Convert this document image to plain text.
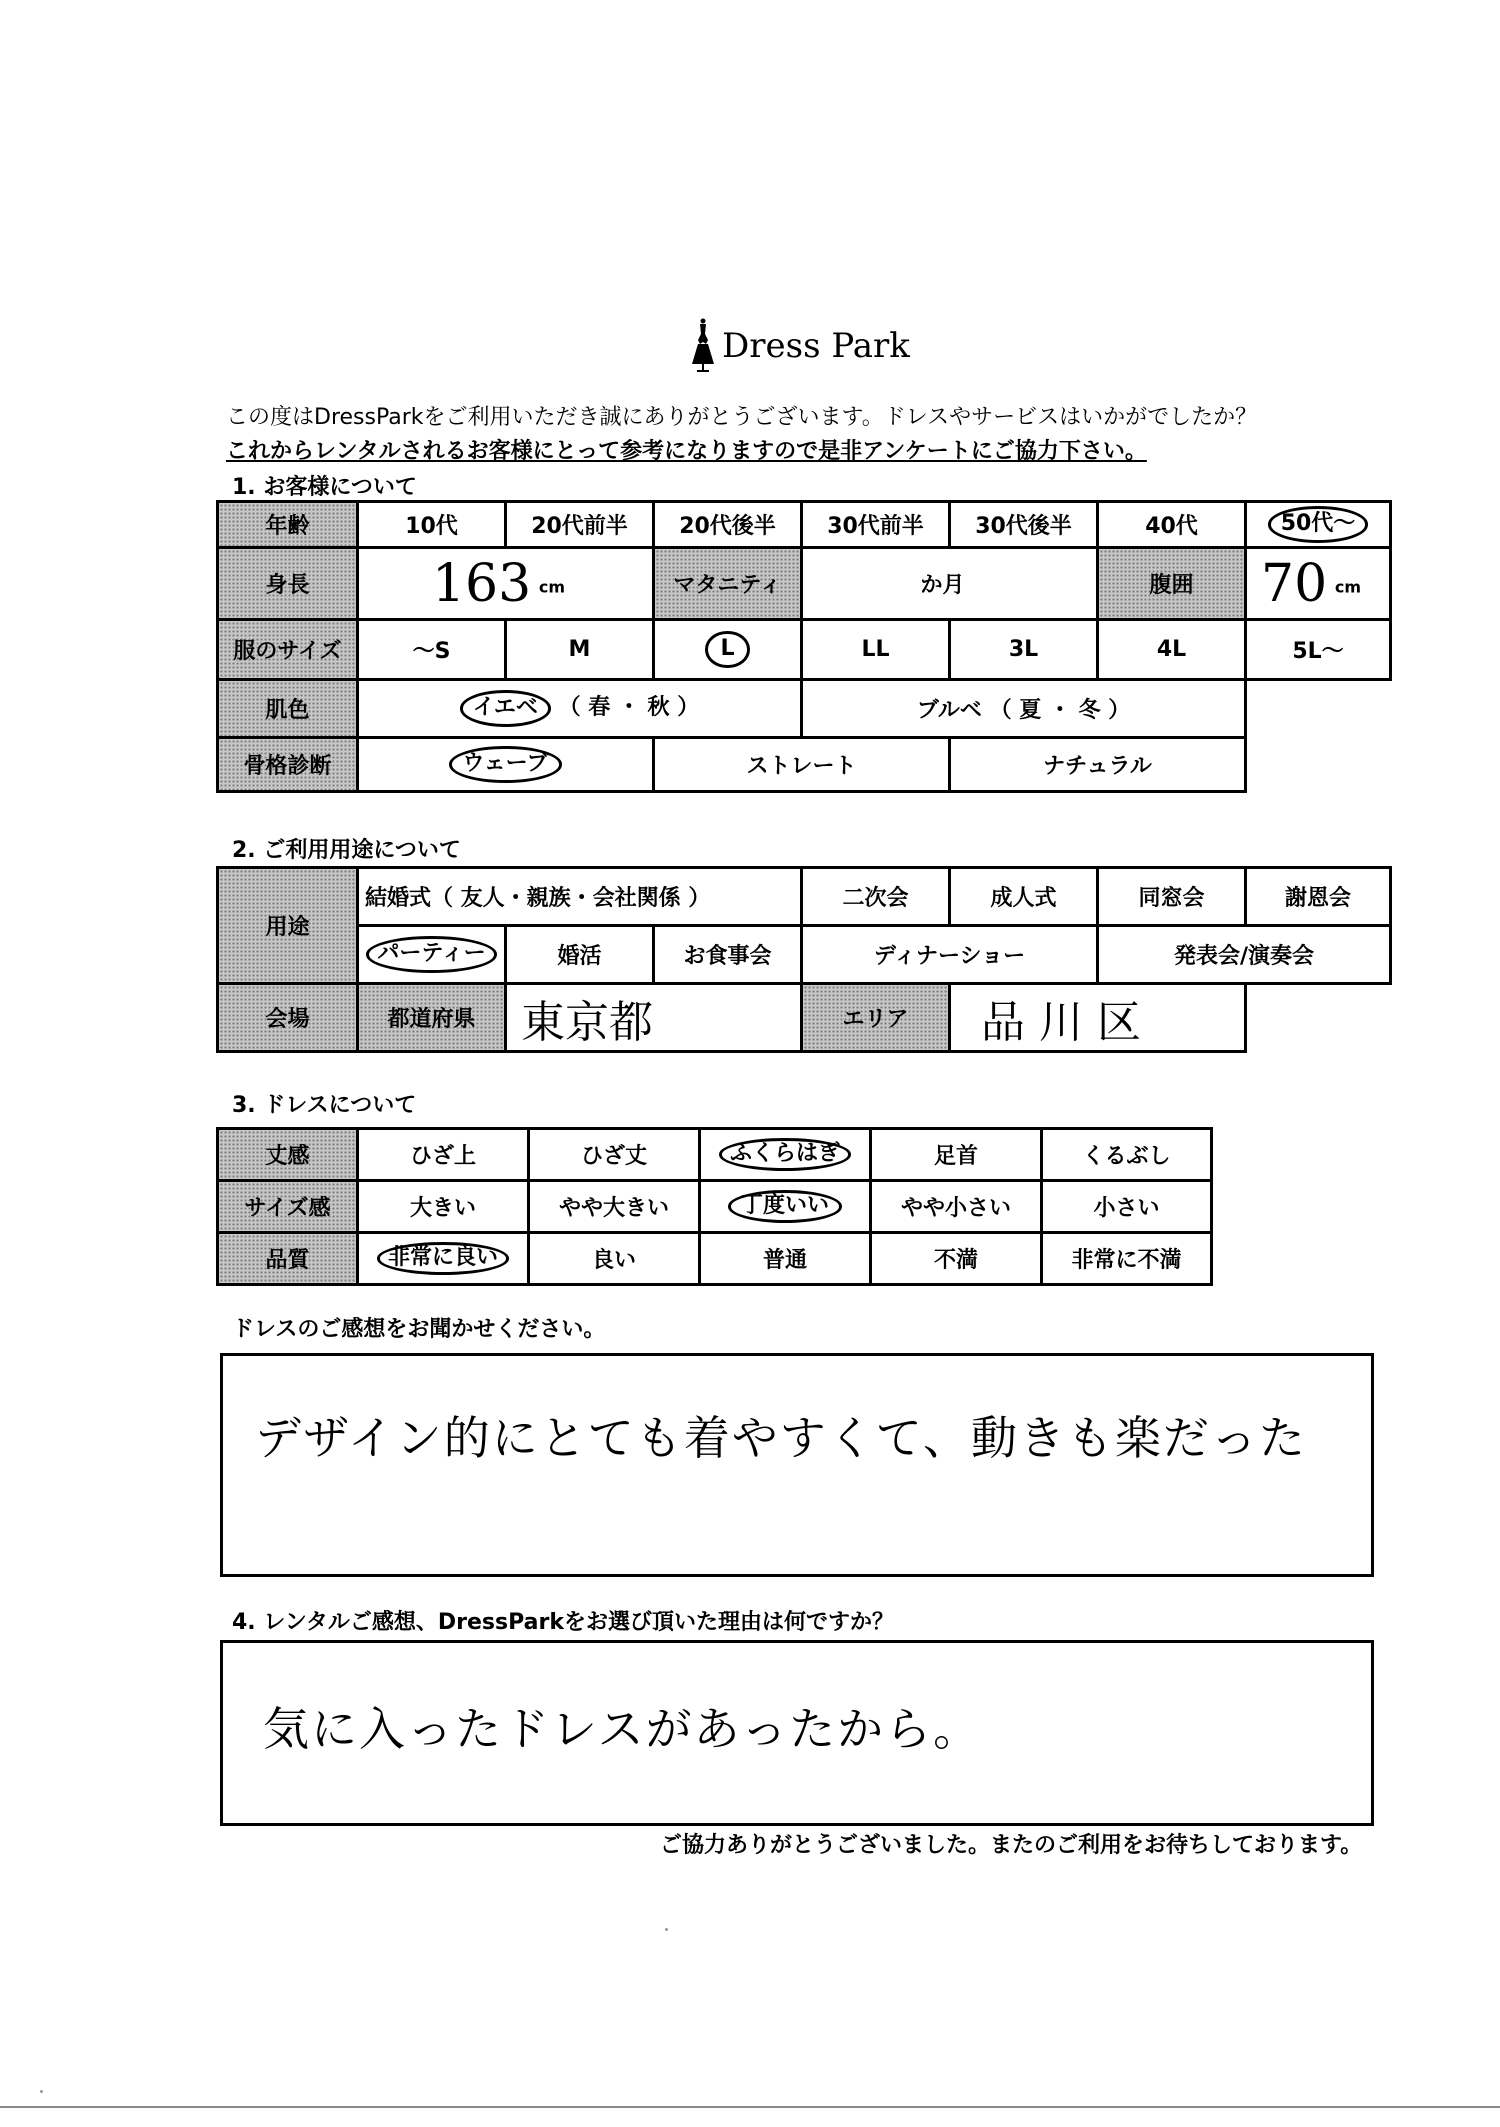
Dress Park
この度はDressParkをご利用いただき誠にありがとうございます。ドレスやサービスはいかがでしたか？
これからレンタルされるお客様にとって参考になりますので是非アンケートにご協力下さい。
1. お客様について
年齢	10代	20代前半	20代後半	30代前半	30代後半	40代	50代～
身長	163 $^{cm}$		マタニティ	か月		腹囲	70 $^{cm}$
服のサイズ	～S	M	L	LL	3L	4L	5L～
肌色	イエベ （ 春 ・ 秋 ）			ブルベ （ 夏 ・ 冬 ）			
骨格診断	ウェーブ		ストレート		ナチュラル		
2. ご利用用途について
用途	結婚式（ 友人・親族・会社関係 ）			二次会	成人式	同窓会	謝恩会
	パーティー	婚活	お食事会	ディナーショー		発表会/演奏会	
会場	都道府県	東京都		エリア	品川区		
3. ドレスについて
丈感	ひざ上	ひざ丈	ふくらはぎ	足首	くるぶし
サイズ感	大きい	やや大きい	丁度いい	やや小さい	小さい
品質	非常に良い	良い	普通	不満	非常に不満
ドレスのご感想をお聞かせください。
デザイン的にとても着やすくて、動きも楽だった
4. レンタルご感想、DressParkをお選び頂いた理由は何ですか？
気に入ったドレスがあったから。
ご協力ありがとうございました。またのご利用をお待ちしております。
